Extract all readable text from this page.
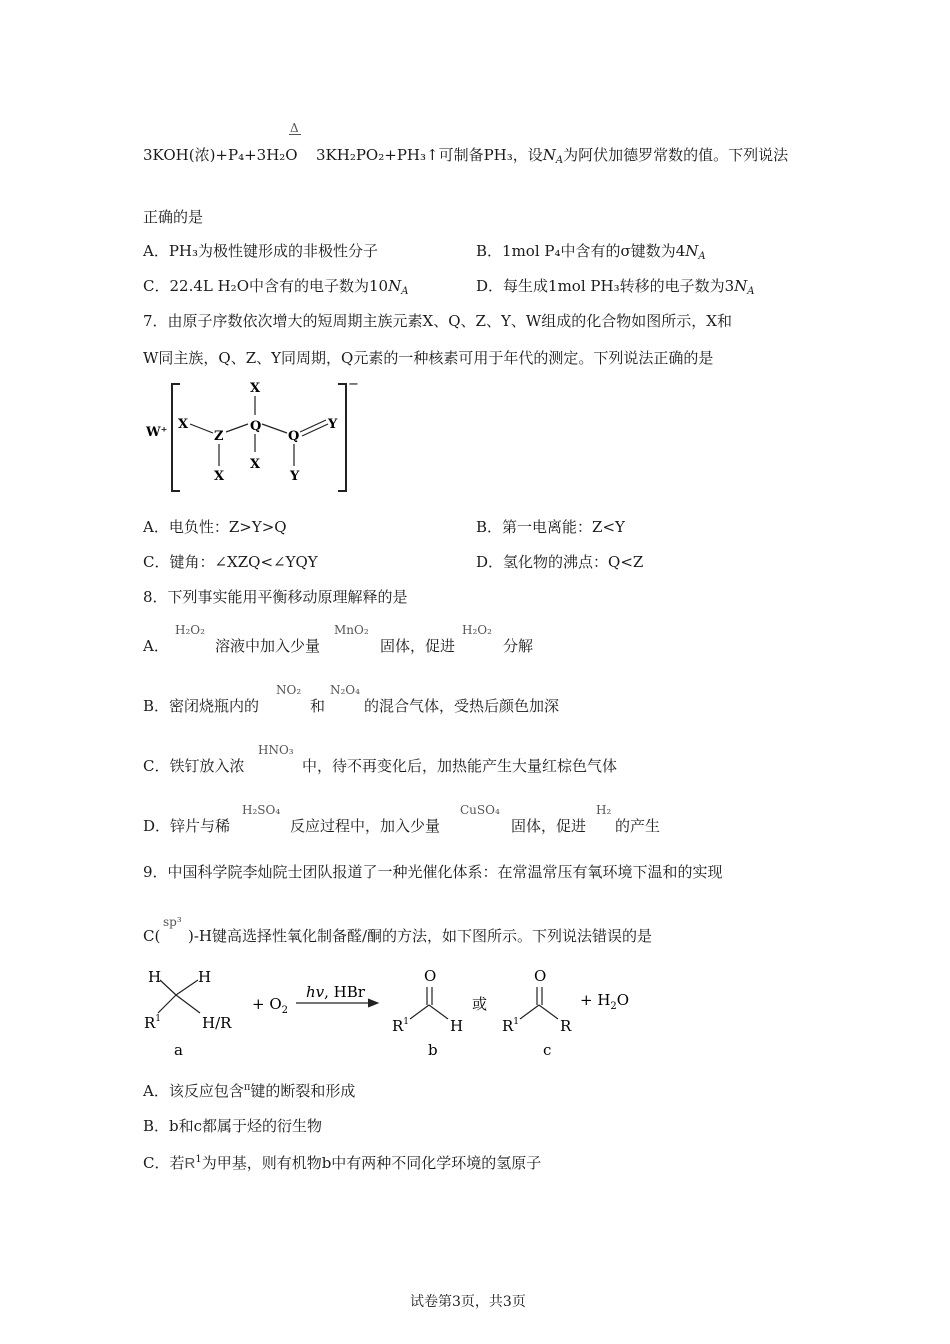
Δ
3KOH(浓)+P₄+3H₂O 3KH₂PO₂+PH₃↑可制备PH₃，设$N_A$为阿伏加德罗常数的值。下列说法
正确的是
A．PH₃为极性键形成的非极性分子	B．1mol P₄中含有的σ键数为$4N_A$
C．22.4L H₂O中含有的电子数为$10N_A$	D．每生成1mol PH₃转移的电子数为$3N_A$
7．由原子序数依次增大的短周期主族元素X、Q、Z、Y、W组成的化合物如图所示，X和
W同主族，Q、Z、Y同周期，Q元素的一种核素可用于年代的测定。下列说法正确的是
W⁺
−
X
Z
X
X
Q
X
Q
Y
Y
A．电负性：Z>Y>Q	B．第一电离能：Z<Y
C．键角：∠XZQ<∠YQY	D．氢化物的沸点：Q<Z
8．下列事实能用平衡移动原理解释的是
A．
H₂O₂
溶液中加入少量
MnO₂
固体，促进
H₂O₂
分解
B．密闭烧瓶内的
NO₂
和
N₂O₄
的混合气体，受热后颜色加深
C．铁钉放入浓
HNO₃
中，待不再变化后，加热能产生大量红棕色气体
D．锌片与稀
H₂SO₄
反应过程中，加入少量
CuSO₄
固体，促进
H₂
的产生
9．中国科学院李灿院士团队报道了一种光催化体系：在常温常压有氧环境下温和的实现
C(
sp³
)-H键高选择性氧化制备醛/酮的方法，如下图所示。下列说法错误的是
H H
$R^1$	H/R
a
+ $O_2$
hv, HBr
O
$R^1$	H
b
或
O
$R^1$	R
c
+ $H_2O$
A．该反应包含$^\pi$键的断裂和形成
B．b和c都属于烃的衍生物
C．若$R^1$为甲基，则有机物b中有两种不同化学环境的氢原子
试卷第3页，共3页
